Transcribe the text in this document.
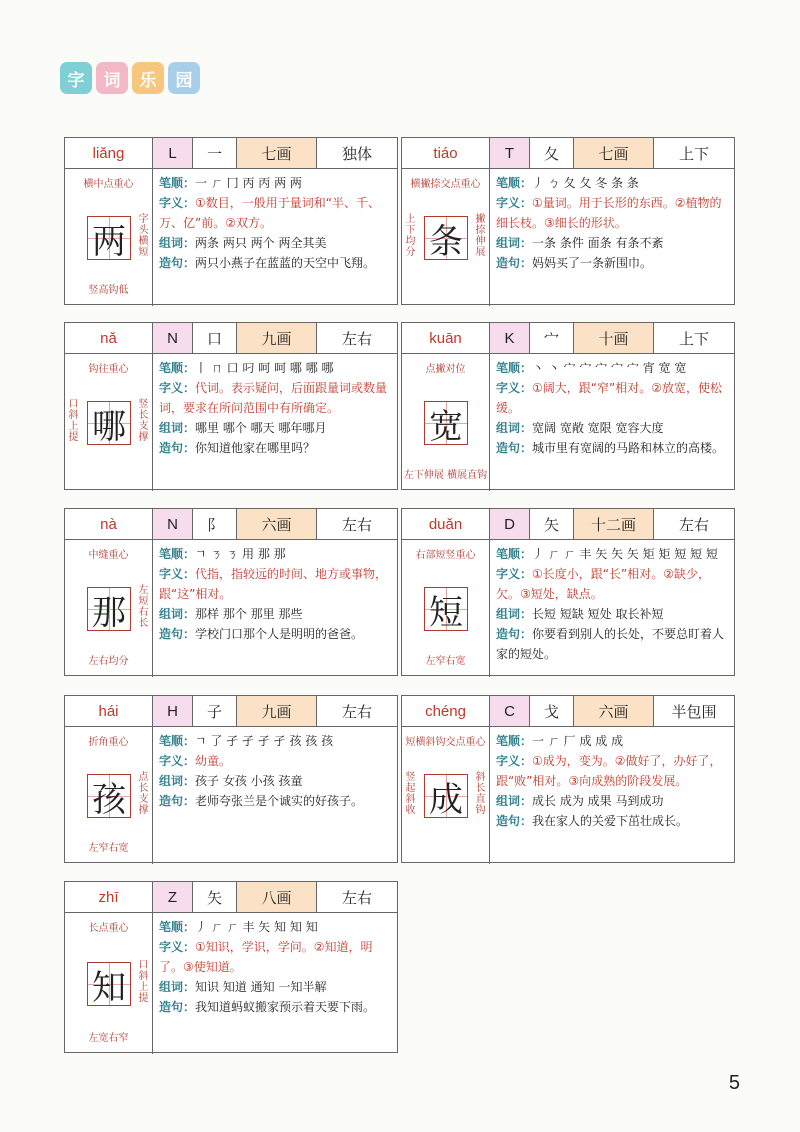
字	词	乐	园
liǎng	L	一	七画	独体
横中点重心
两
竖高钩低
字头横短
笔顺：一 ㄏ 冂 丙 丙 两 两
字义：①数目，一般用于量词和“半、千、万、亿”前。②双方。
组词：两条 两只 两个 两全其美
造句：两只小燕子在蓝蓝的天空中飞翔。
tiáo	T	夂	七画	上下
横撇捺交点重心
条
上下均分
撇捺伸展
笔顺：丿 ㄅ 夂 夂 冬 条 条
字义：①量词。用于长形的东西。②植物的细长枝。③细长的形状。
组词：一条 条件 面条 有条不紊
造句：妈妈买了一条新围巾。
nǎ	N	口	九画	左右
钩往重心
哪
口斜上提
竖长支撑
笔顺：丨 ㄇ 口 叼 呵 呵 哪 哪 哪
字义：代词。表示疑问，后面跟量词或数量词，要求在所问范围中有所确定。
组词：哪里 哪个 哪天 哪年哪月
造句：你知道他家在哪里吗？
kuān	K	宀	十画	上下
点撇对位
宽
左下伸展 横展直钩
笔顺：丶 丶 宀 宀 宀 宀 宀 宵 宽 宽
字义：①阔大，跟“窄”相对。②放宽，使松缓。
组词：宽阔 宽敞 宽限 宽容大度
造句：城市里有宽阔的马路和林立的高楼。
nà	N	阝	六画	左右
中缝重心
那
左右均分
左短右长
笔顺：ㄱ ㄋ ㄋ 用 那 那
字义：代指，指较远的时间、地方或事物，跟“这”相对。
组词：那样 那个 那里 那些
造句：学校门口那个人是明明的爸爸。
duǎn	D	矢	十二画	左右
右部短竖重心
短
左窄右宽
笔顺：丿 ㄏ ㄏ 丰 矢 矢 矢 矩 矩 短 短 短
字义：①长度小，跟“长”相对。②缺少，欠。③短处，缺点。
组词：长短 短缺 短处 取长补短
造句：你要看到别人的长处，不要总盯着人家的短处。
hái	H	子	九画	左右
折角重心
孩
左窄右宽
点长支撑
笔顺：ㄱ 了 孑 孑 孑 孑 孩 孩 孩
字义：幼童。
组词：孩子 女孩 小孩 孩童
造句：老师夸张兰是个诚实的好孩子。
chéng	C	戈	六画	半包围
短横斜钩交点重心
成
竖起斜收
斜长直钩
笔顺：一 ㄏ 厂 成 成 成
字义：①成为，变为。②做好了，办好了，跟“败”相对。③向成熟的阶段发展。
组词：成长 成为 成果 马到成功
造句：我在家人的关爱下茁壮成长。
zhī	Z	矢	八画	左右
长点重心
知
左宽右窄
口斜上提
笔顺：丿 ㄏ ㄏ 丰 矢 知 知 知
字义：①知识，学识，学问。②知道，明了。③使知道。
组词：知识 知道 通知 一知半解
造句：我知道蚂蚁搬家预示着天要下雨。
5
